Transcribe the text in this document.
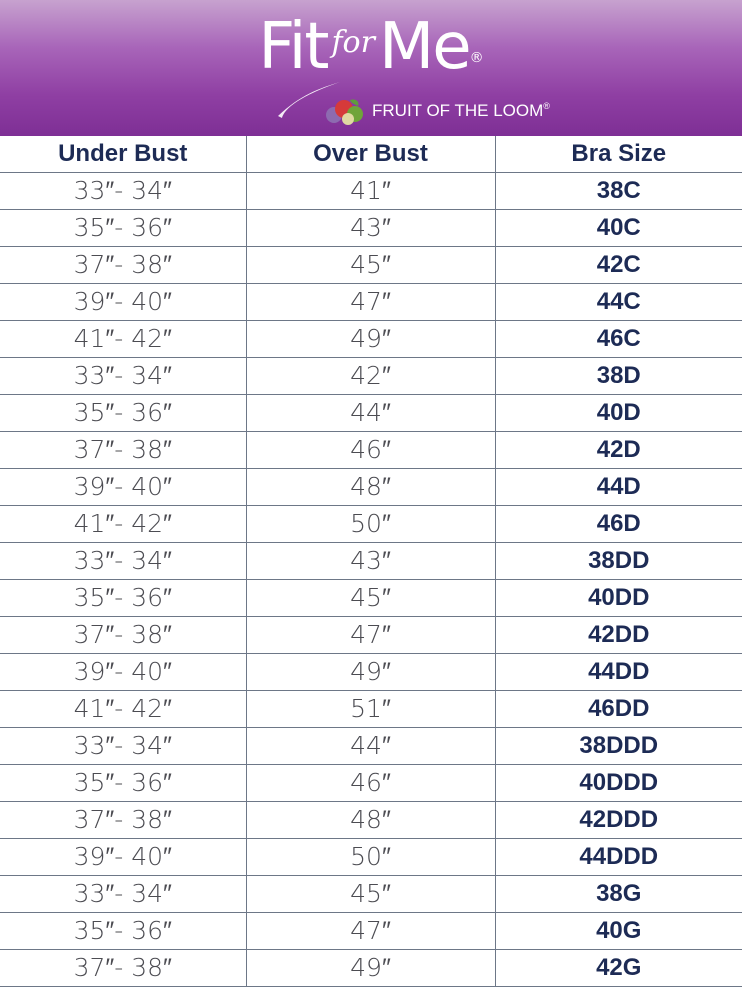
Fit $^{for}$Me®
FRUIT OF THE LOOM ®
Under Bust	Over Bust	Bra Size
33″- 34″	41″	38C
35″- 36″	43″	40C
37″- 38″	45″	42C
39″- 40″	47″	44C
41″- 42″	49″	46C
33″- 34″	42″	38D
35″- 36″	44″	40D
37″- 38″	46″	42D
39″- 40″	48″	44D
41″- 42″	50″	46D
33″- 34″	43″	38DD
35″- 36″	45″	40DD
37″- 38″	47″	42DD
39″- 40″	49″	44DD
41″- 42″	51″	46DD
33″- 34″	44″	38DDD
35″- 36″	46″	40DDD
37″- 38″	48″	42DDD
39″- 40″	50″	44DDD
33″- 34″	45″	38G
35″- 36″	47″	40G
37″- 38″	49″	42G
